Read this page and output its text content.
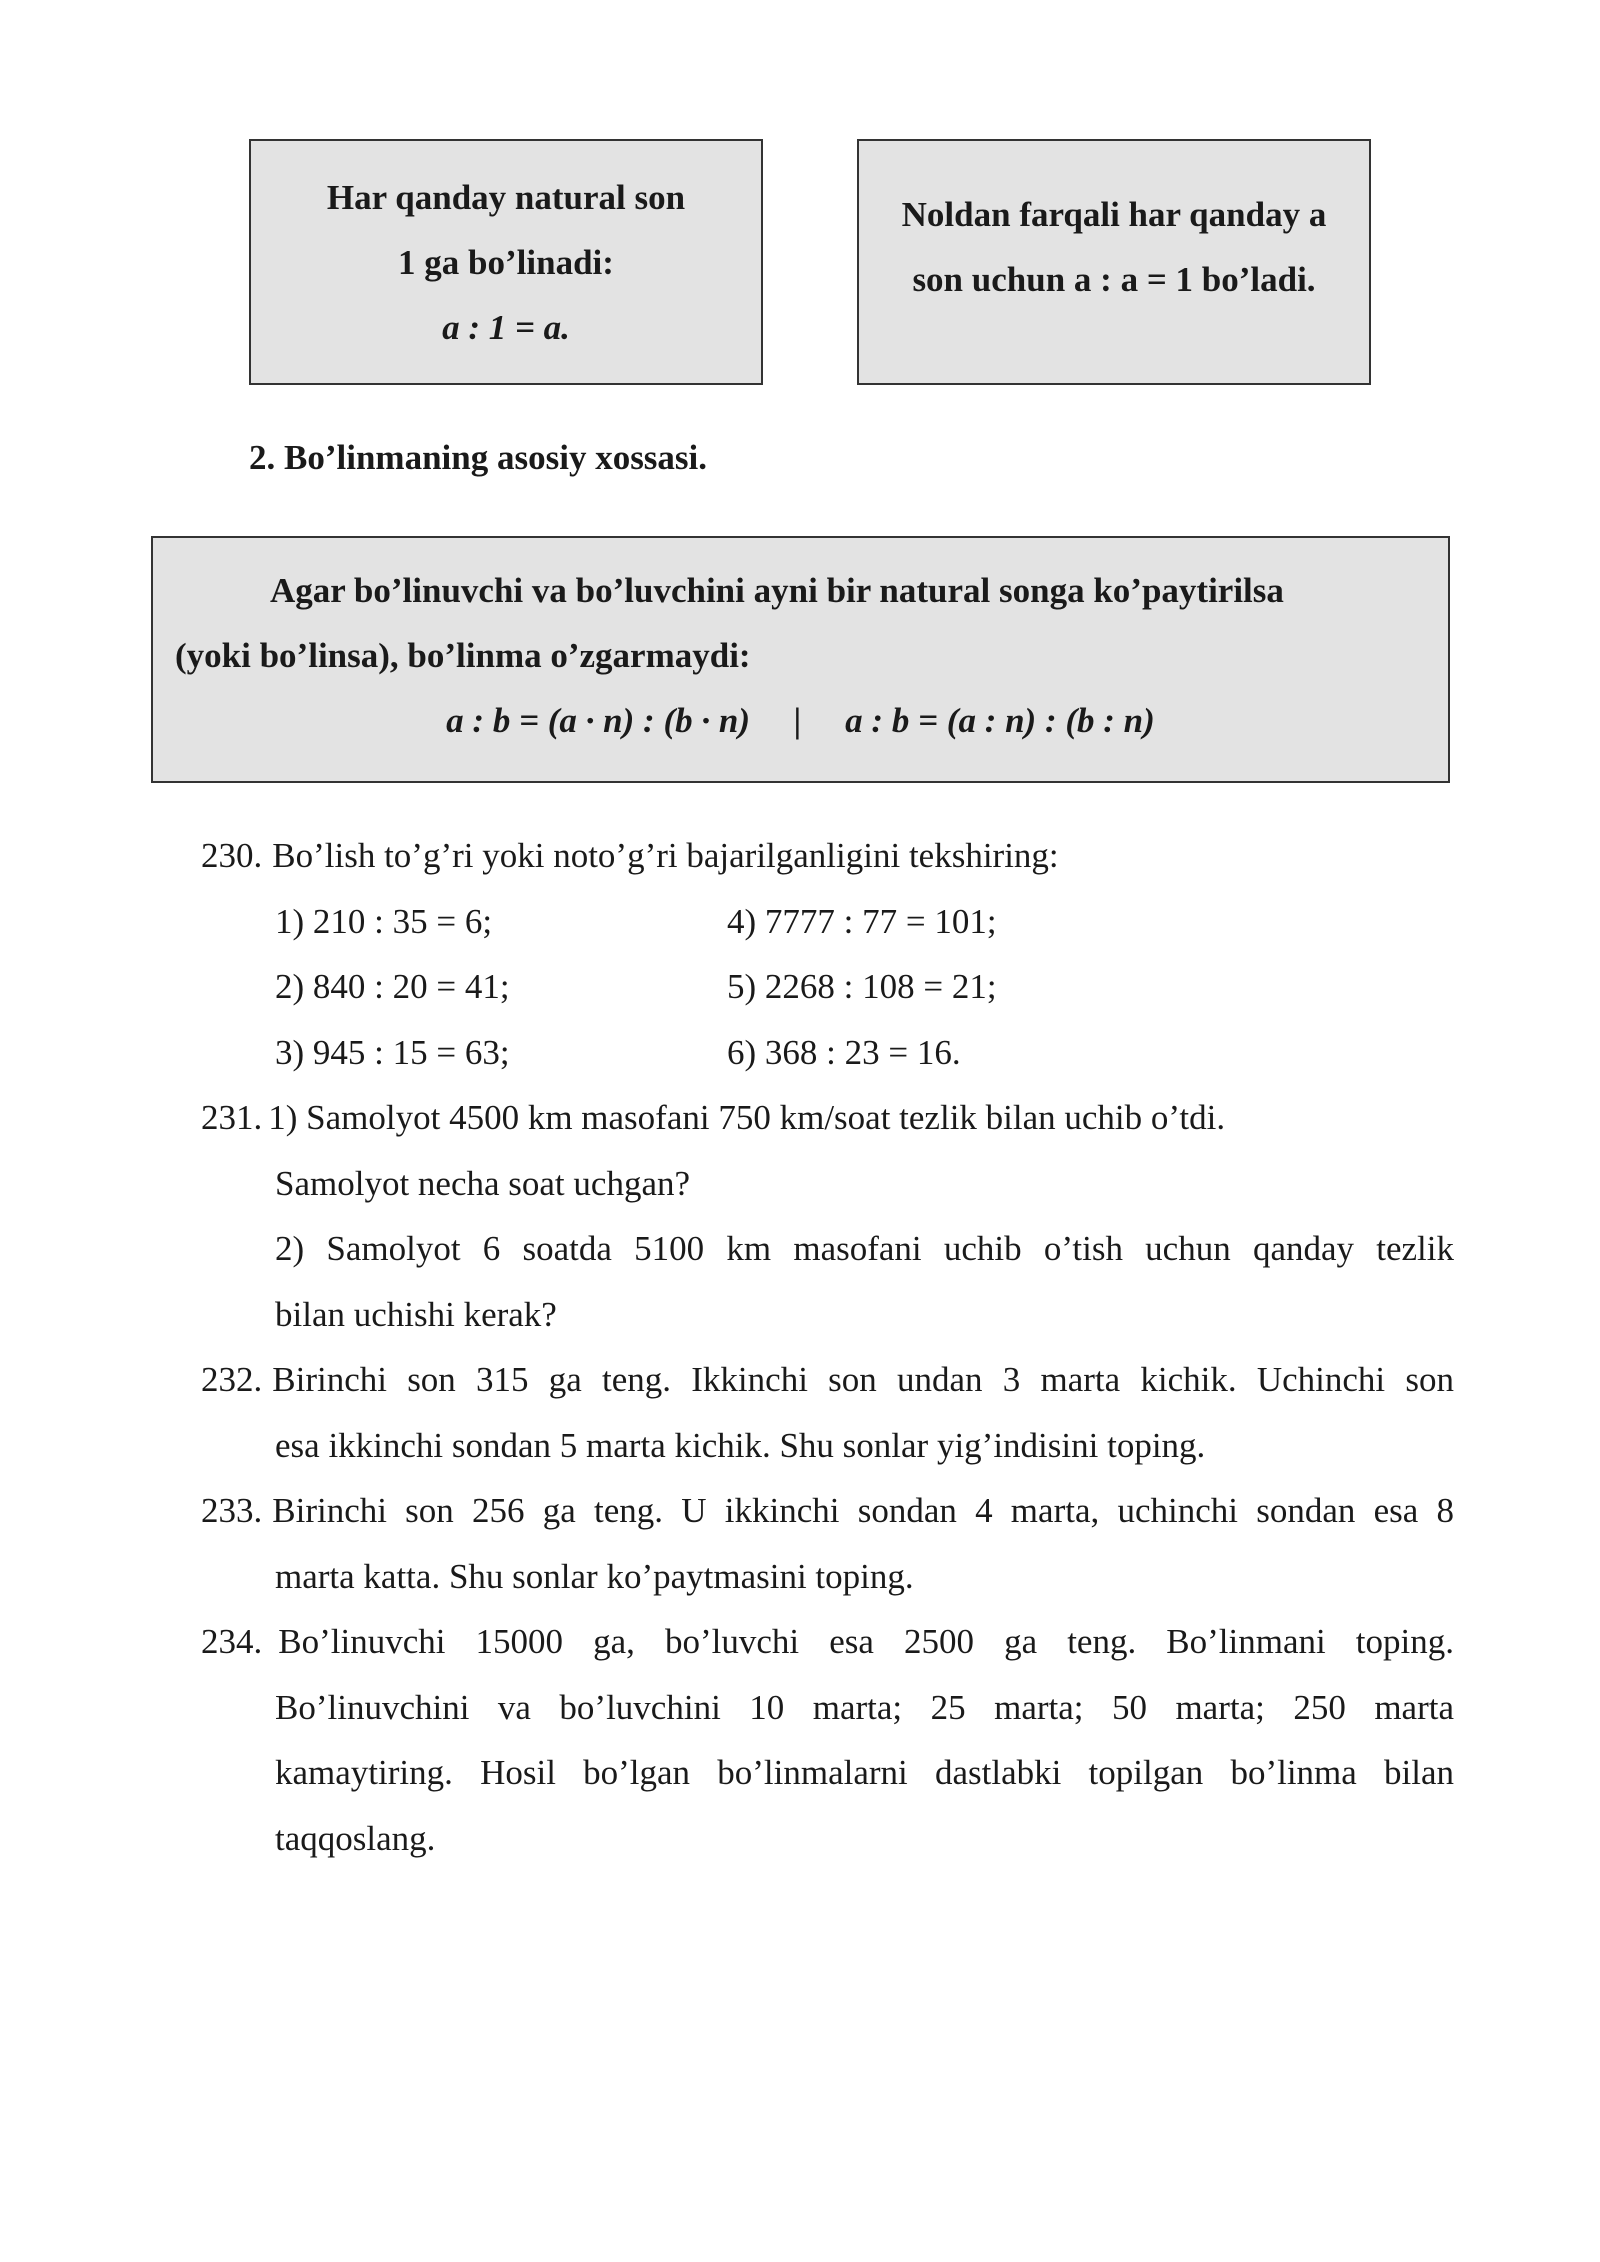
Har qanday natural son
1 ga bo’linadi:
a : 1 = a.
Noldan farqali har qanday a
son uchun a : a = 1 bo’ladi.
2. Bo’linmaning asosiy xossasi.
Agar bo’linuvchi va bo’luvchini ayni bir natural songa ko’paytirilsa
(yoki bo’linsa), bo’linma o’zgarmaydi:
a : b = (a · n) : (b · n)     |     a : b = (a : n) : (b : n)
230. Bo’lish to’g’ri yoki noto’g’ri bajarilganligini tekshiring:
1) 210 : 35 = 6;	4) 7777 : 77 = 101;
2) 840 : 20 = 41;	5) 2268 : 108 = 21;
3) 945 : 15 = 63;	6) 368 : 23 = 16.
231. 1) Samolyot 4500 km masofani 750 km/soat tezlik bilan uchib o’tdi.
Samolyot necha soat uchgan?
2) Samolyot 6 soatda 5100 km masofani uchib o’tish uchun qanday tezlik
bilan uchishi kerak?
232. Birinchi son 315 ga teng. Ikkinchi son undan 3 marta kichik. Uchinchi son
esa ikkinchi sondan 5 marta kichik. Shu sonlar yig’indisini toping.
233. Birinchi son 256 ga teng. U ikkinchi sondan 4 marta, uchinchi sondan esa 8
marta katta. Shu sonlar ko’paytmasini toping.
234. Bo’linuvchi 15000 ga, bo’luvchi esa 2500 ga teng. Bo’linmani toping.
Bo’linuvchini va bo’luvchini 10 marta; 25 marta; 50 marta; 250 marta
kamaytiring. Hosil bo’lgan bo’linmalarni dastlabki topilgan bo’linma bilan
taqqoslang.
